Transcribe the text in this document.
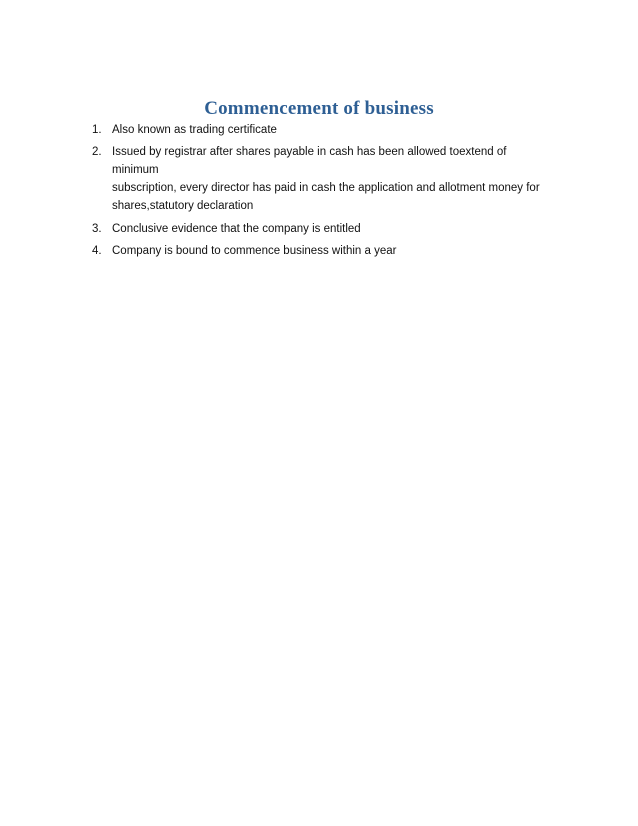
Commencement of business
1. Also known as trading certificate
2. Issued by registrar after shares payable in cash has been allowed toextend of minimum
subscription, every director has paid in cash the application and allotment money for
shares,statutory declaration
3. Conclusive evidence that the company is entitled
4. Company is bound to commence business within a year
